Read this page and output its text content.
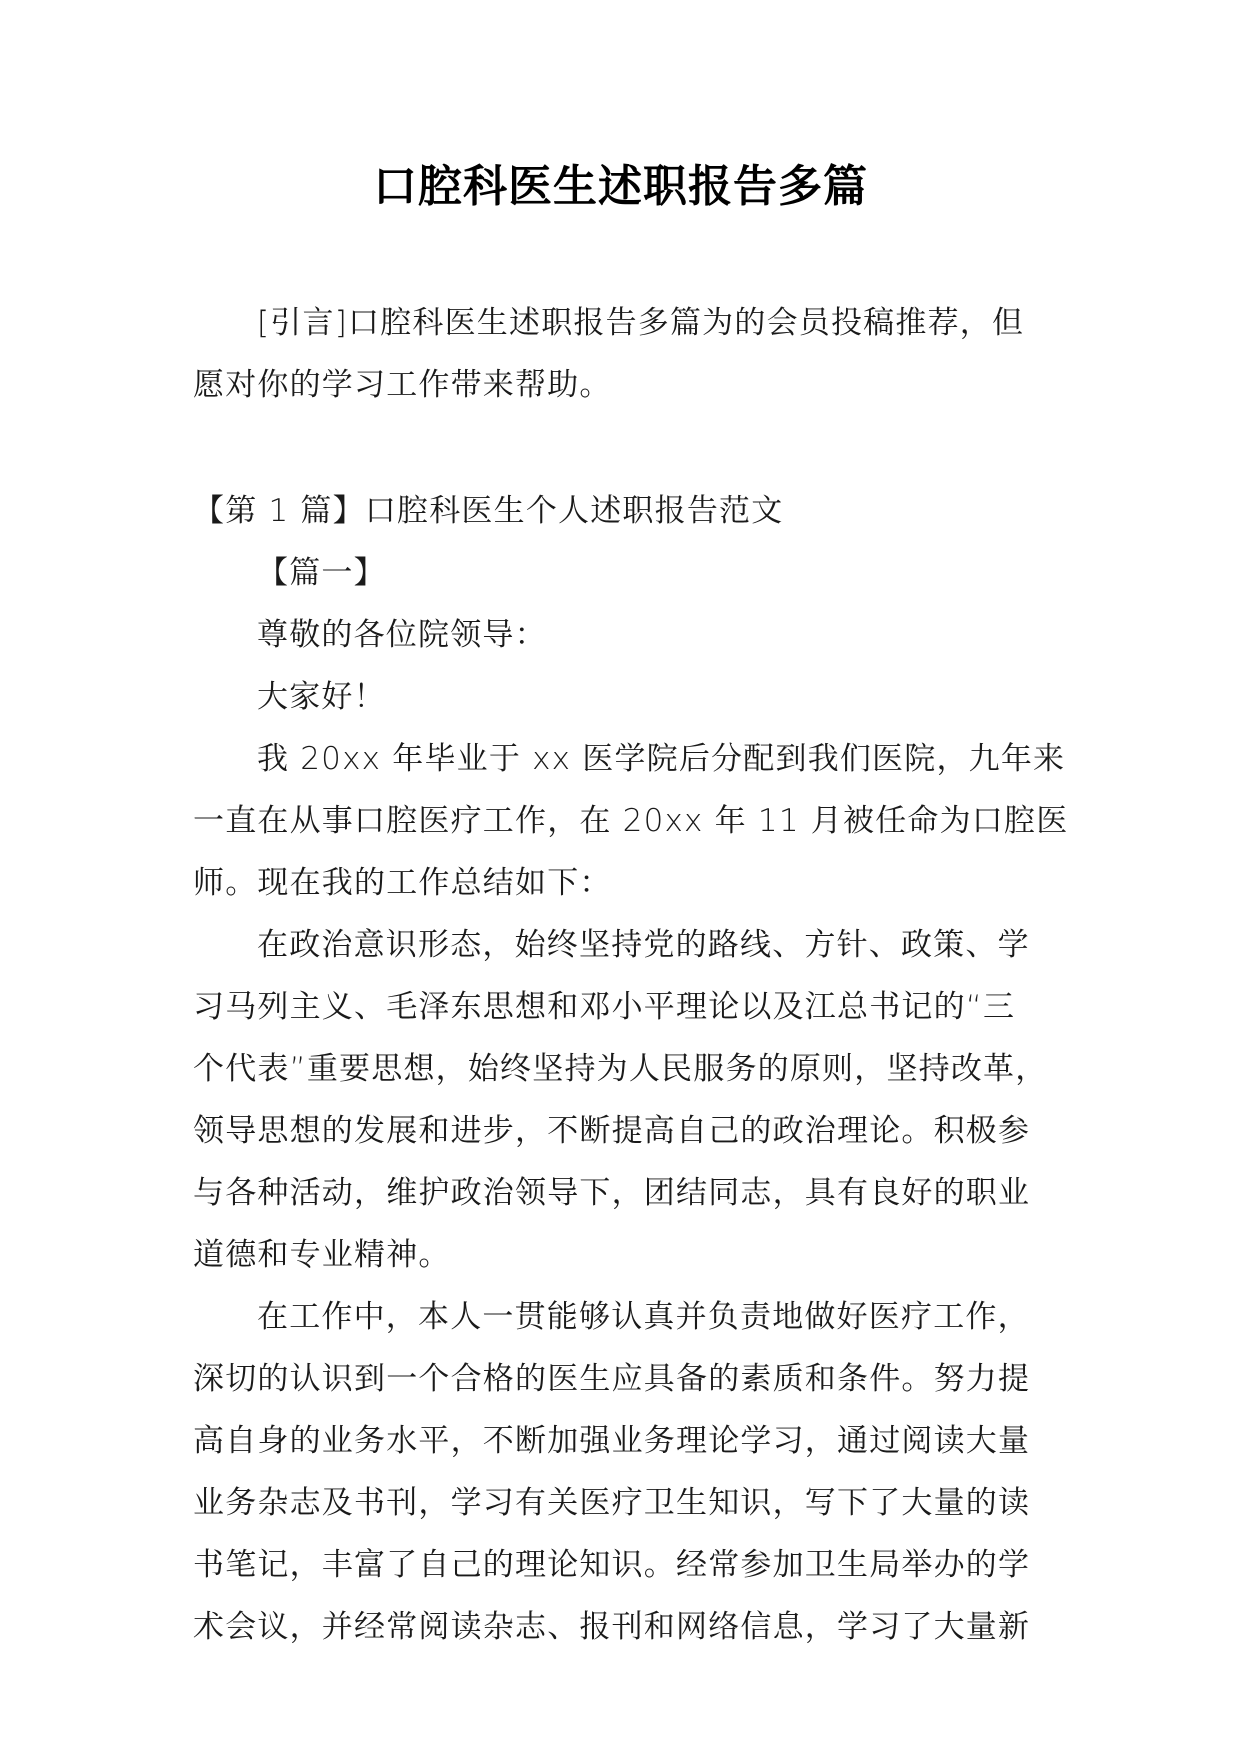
口腔科医生述职报告多篇

[引言]口腔科医生述职报告多篇为的会员投稿推荐，但
愿对你的学习工作带来帮助。

【第 1 篇】口腔科医生个人述职报告范文

【篇一】

尊敬的各位院领导：

大家好！

我 20xx 年毕业于 xx 医学院后分配到我们医院，九年来
一直在从事口腔医疗工作，在 20xx 年 11 月被任命为口腔医
师。现在我的工作总结如下：

在政治意识形态，始终坚持党的路线、方针、政策、学
习马列主义、毛泽东思想和邓小平理论以及江总书记的“三
个代表”重要思想，始终坚持为人民服务的原则，坚持改革，
领导思想的发展和进步，不断提高自己的政治理论。积极参
与各种活动，维护政治领导下，团结同志，具有良好的职业
道德和专业精神。

在工作中，本人一贯能够认真并负责地做好医疗工作，
深切的认识到一个合格的医生应具备的素质和条件。努力提
高自身的业务水平，不断加强业务理论学习，通过阅读大量
业务杂志及书刊，学习有关医疗卫生知识，写下了大量的读
书笔记，丰富了自己的理论知识。经常参加卫生局举办的学
术会议，并经常阅读杂志、报刊和网络信息，学习了大量新
